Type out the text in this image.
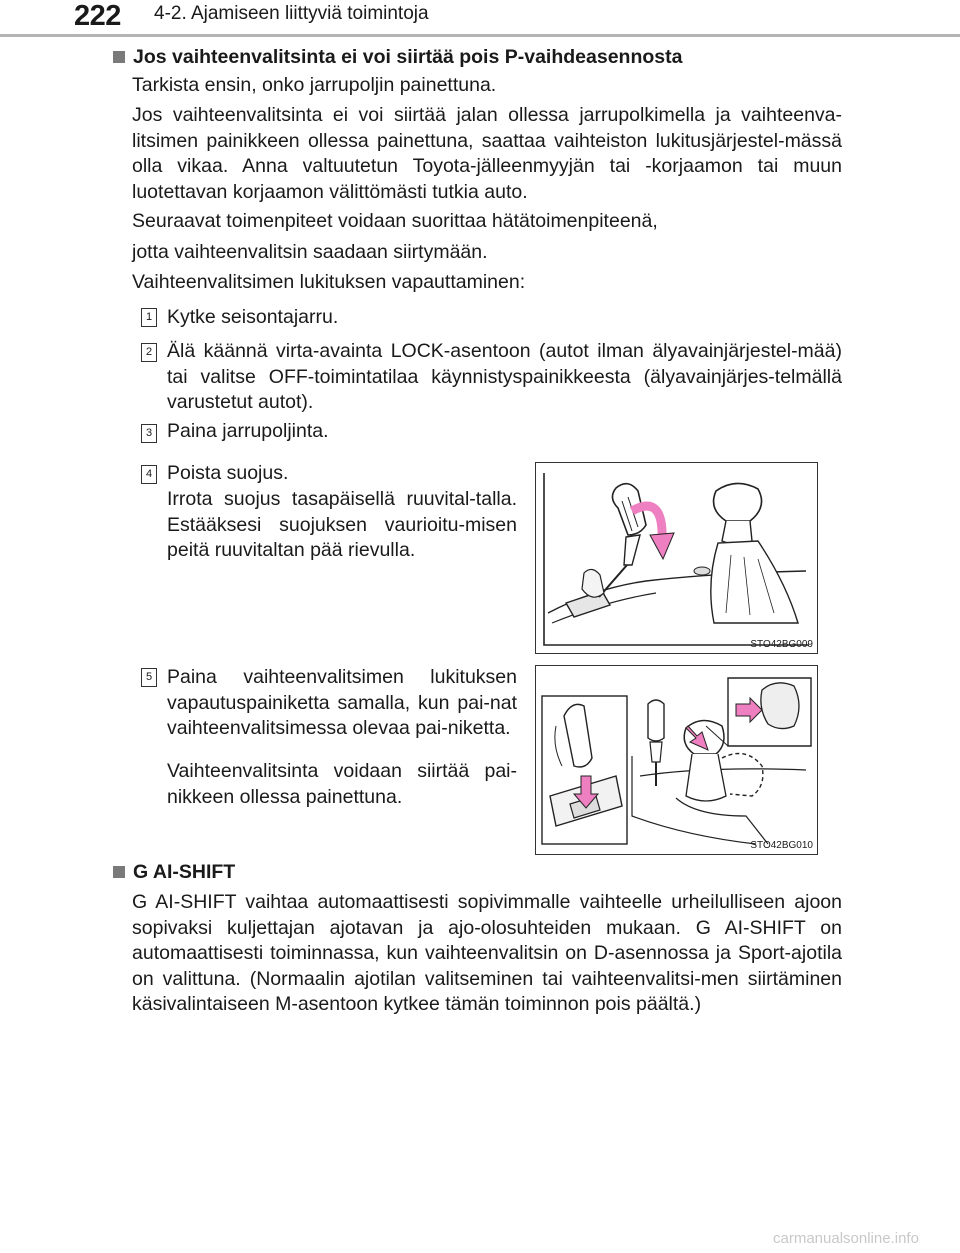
222 4-2. Ajamiseen liittyviä toimintoja
Jos vaihteenvalitsinta ei voi siirtää pois P-vaihdeasennosta
Tarkista ensin, onko jarrupoljin painettuna.
Jos vaihteenvalitsinta ei voi siirtää jalan ollessa jarrupolkimella ja vaihteenva-litsimen painikkeen ollessa painettuna, saattaa vaihteiston lukitusjärjestel-mässä olla vikaa. Anna valtuutetun Toyota-jälleenmyyjän tai -korjaamon tai muun luotettavan korjaamon välittömästi tutkia auto.
Seuraavat toimenpiteet voidaan suorittaa hätätoimenpiteenä,
jotta vaihteenvalitsin saadaan siirtymään.
Vaihteenvalitsimen lukituksen vapauttaminen:
1 Kytke seisontajarru.
2 Älä käännä virta-avainta LOCK-asentoon (autot ilman älyavainjärjestel-mää) tai valitse OFF-toimintatilaa käynnistyspainikkeesta (älyavainjärjes-telmällä varustetut autot).
3 Paina jarrupoljinta.
4 Poista suojus.
Irrota suojus tasapäisellä ruuvital-talla. Estääksesi suojuksen vaurioitu-misen peitä ruuvitaltan pää rievulla.
STO42BG009
5 Paina vaihteenvalitsimen lukituksen vapautuspainiketta samalla, kun pai-nat vaihteenvalitsimessa olevaa pai-niketta.
Vaihteenvalitsinta voidaan siirtää pai-nikkeen ollessa painettuna.
STO42BG010
G AI-SHIFT
G AI-SHIFT vaihtaa automaattisesti sopivimmalle vaihteelle urheilulliseen ajoon sopivaksi kuljettajan ajotavan ja ajo-olosuhteiden mukaan. G AI-SHIFT on automaattisesti toiminnassa, kun vaihteenvalitsin on D-asennossa ja Sport-ajotila on valittuna. (Normaalin ajotilan valitseminen tai vaihteenvalitsi-men siirtäminen käsivalintaiseen M-asentoon kytkee tämän toiminnon pois päältä.)
carmanualsonline.info
